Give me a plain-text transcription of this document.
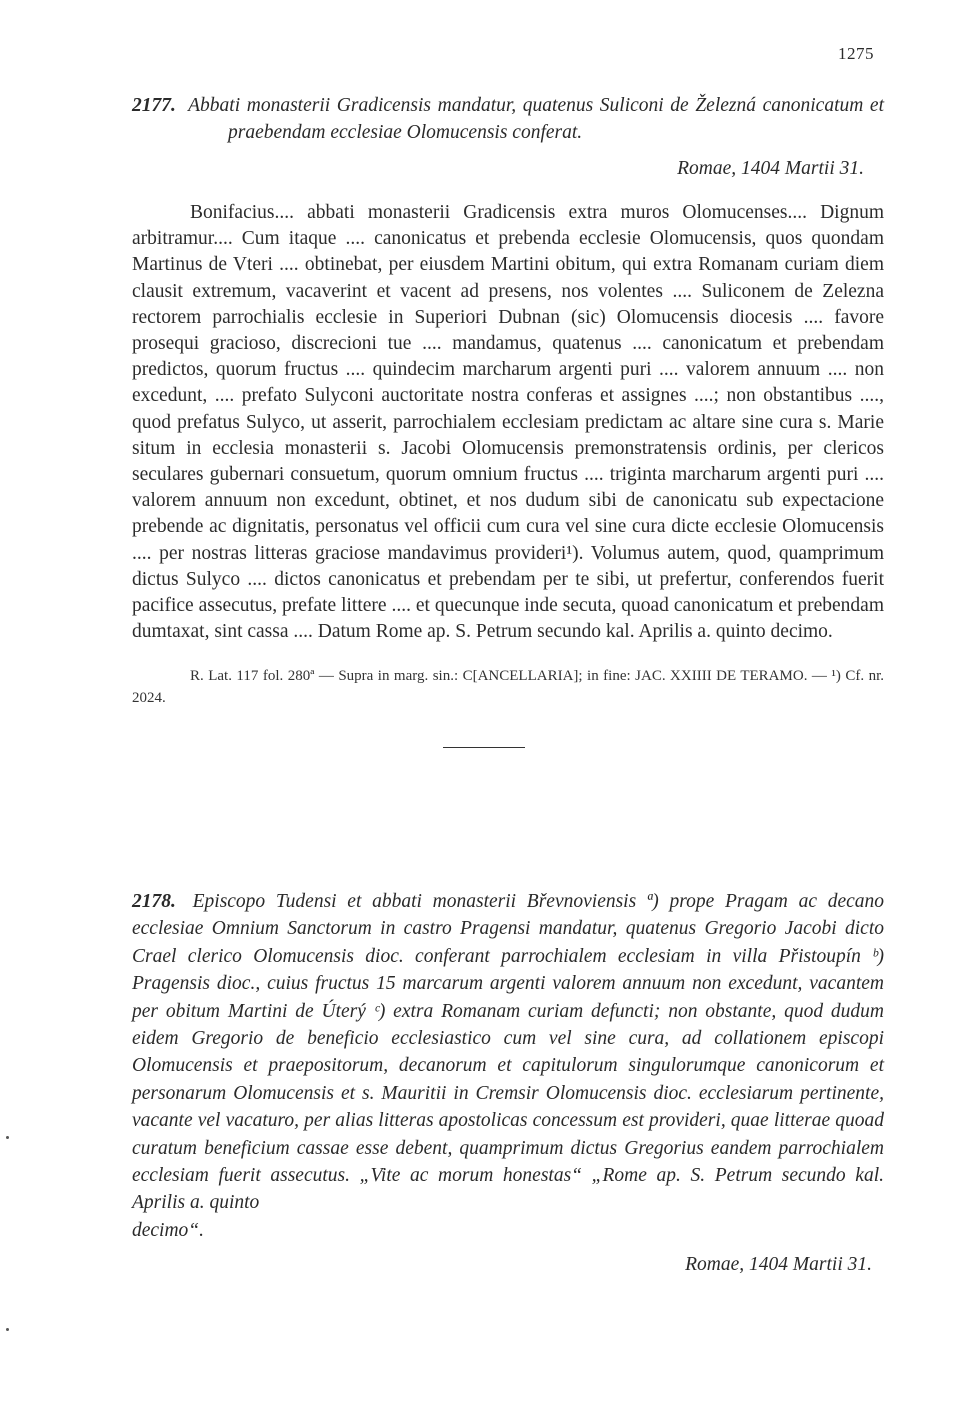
1275
2177. Abbati monasterii Gradicensis mandatur, quatenus Suliconi de Železná canonicatum et praebendam ecclesiae Olomucensis conferat.
Romae, 1404 Martii 31.
Bonifacius.... abbati monasterii Gradicensis extra muros Olomucenses.... Dignum arbitramur.... Cum itaque .... canonicatus et prebenda ecclesie Olomucensis, quos quondam Martinus de Vteri .... obtinebat, per eiusdem Martini obitum, qui extra Romanam curiam diem clausit extremum, vacaverint et vacent ad presens, nos volentes .... Suliconem de Zelezna rectorem parrochialis ecclesie in Superiori Dubnan (sic) Olomucensis diocesis .... favore prosequi gracioso, discrecioni tue .... mandamus, quatenus .... canonicatum et prebendam predictos, quorum fructus .... quindecim marcharum argenti puri .... valorem annuum .... non excedunt, .... prefato Sulyconi auctoritate nostra conferas et assignes ....; non obstantibus ...., quod prefatus Sulyco, ut asserit, parrochialem ecclesiam predictam ac altare sine cura s. Marie situm in ecclesia monasterii s. Jacobi Olomucensis premonstratensis ordinis, per clericos seculares gubernari consuetum, quorum omnium fructus .... triginta marcharum argenti puri .... valorem annuum non excedunt, obtinet, et nos dudum sibi de canonicatu sub expectacione prebende ac dignitatis, personatus vel officii cum cura vel sine cura dicte ecclesie Olomucensis .... per nostras litteras graciose mandavimus provideri¹). Volumus autem, quod, quamprimum dictus Sulyco .... dictos canonicatus et prebendam per te sibi, ut prefertur, conferendos fuerit pacifice assecutus, prefate littere .... et quecunque inde secuta, quoad canonicatum et prebendam dumtaxat, sint cassa .... Datum Rome ap. S. Petrum secundo kal. Aprilis a. quinto decimo.
R. Lat. 117 fol. 280ª — Supra in marg. sin.: C[ANCELLARIA]; in fine: JAC. XXIIII DE TERAMO. — ¹) Cf. nr. 2024.
2178. Episcopo Tudensi et abbati monasterii Břevnoviensis ª) prope Pragam ac decano ecclesiae Omnium Sanctorum in castro Pragensi mandatur, quatenus Gregorio Jacobi dicto Crael clerico Olomucensis dioc. conferant parrochialem ecclesiam in villa Přistoupín ᵇ) Pragensis dioc., cuius fructus 15 marcarum argenti valorem annuum non excedunt, vacantem per obitum Martini de Úterý ᶜ) extra Romanam curiam defuncti; non obstante, quod dudum eidem Gregorio de beneficio ecclesiastico cum vel sine cura, ad collationem episcopi Olomucensis et praepositorum, decanorum et capitulorum singulorumque canonicorum et personarum Olomucensis et s. Mauritii in Cremsir Olomucensis dioc. ecclesiarum pertinente, vacante vel vacaturo, per alias litteras apostolicas concessum est provideri, quae litterae quoad curatum beneficium cassae esse debent, quamprimum dictus Gregorius eandem parrochialem ecclesiam fuerit assecutus. „Vite ac morum honestas“ „Rome ap. S. Petrum secundo kal. Aprilis a. quinto
decimo“.
Romae, 1404 Martii 31.
